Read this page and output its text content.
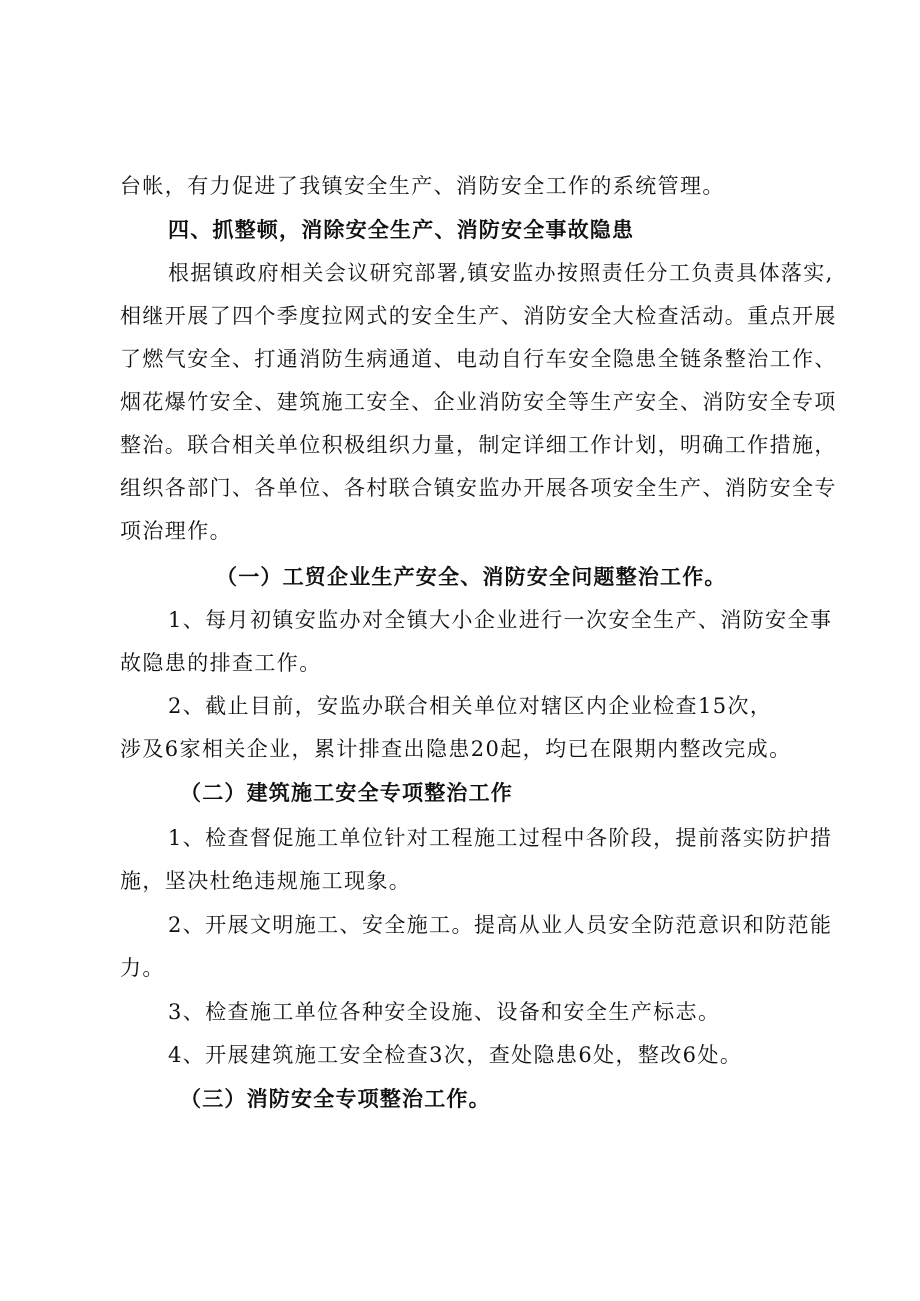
台帐，有力促进了我镇安全生产、消防安全工作的系统管理。
四、抓整顿，消除安全生产、消防安全事故隐患
根据镇政府相关会议研究部署,镇安监办按照责任分工负责具体落实,
相继开展了四个季度拉网式的安全生产、消防安全大检查活动。重点开展
了燃气安全、打通消防生病通道、电动自行车安全隐患全链条整治工作、
烟花爆竹安全、建筑施工安全、企业消防安全等生产安全、消防安全专项
整治。联合相关单位积极组织力量，制定详细工作计划，明确工作措施，
组织各部门、各单位、各村联合镇安监办开展各项安全生产、消防安全专
项治理作。
（一）工贸企业生产安全、消防安全问题整治工作。
1、每月初镇安监办对全镇大小企业进行一次安全生产、消防安全事
故隐患的排查工作。
2、截止目前，安监办联合相关单位对辖区内企业检查15次，
涉及6家相关企业，累计排查出隐患20起，均已在限期内整改完成。
（二）建筑施工安全专项整治工作
1、检查督促施工单位针对工程施工过程中各阶段，提前落实防护措
施，坚决杜绝违规施工现象。
2、开展文明施工、安全施工。提高从业人员安全防范意识和防范能
力。
3、检查施工单位各种安全设施、设备和安全生产标志。
4、开展建筑施工安全检查3次，查处隐患6处，整改6处。
（三）消防安全专项整治工作。
